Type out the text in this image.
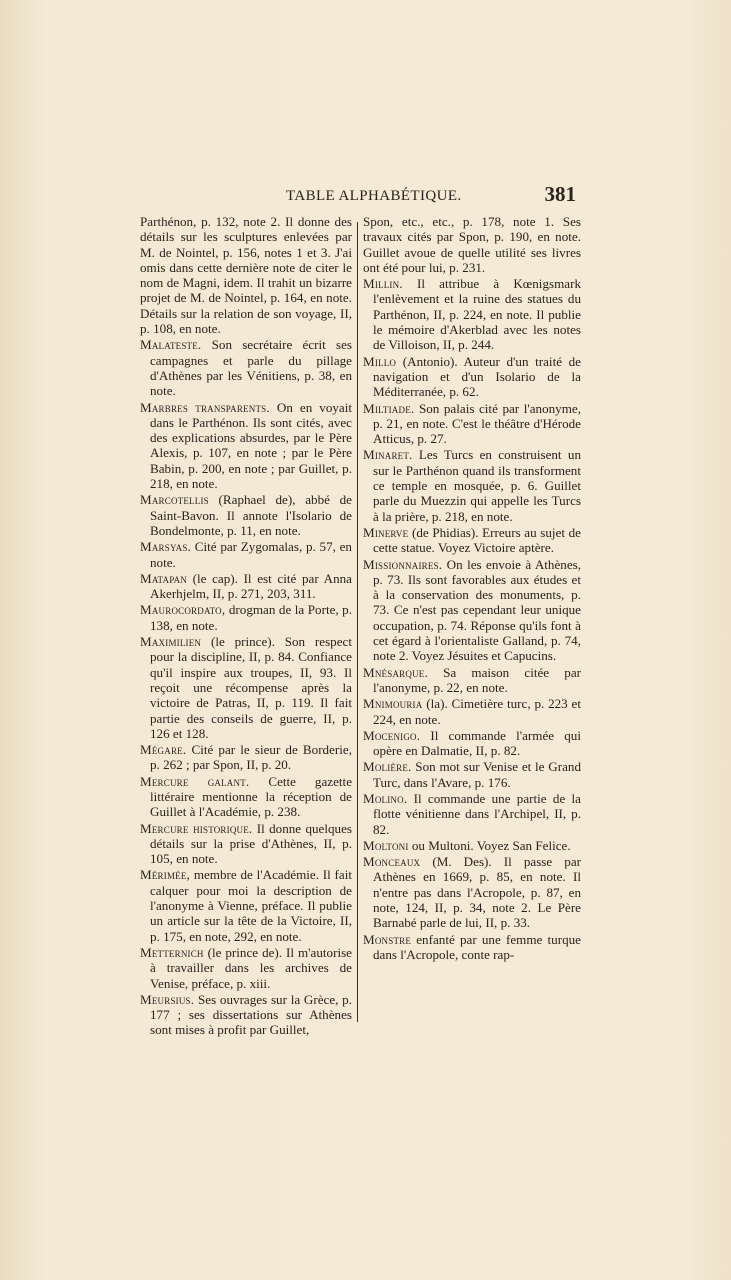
TABLE ALPHABÉTIQUE.	381

Parthénon, p. 132, note 2. Il donne des détails sur les sculptures enlevées par M. de Nointel, p. 156, notes 1 et 3. J'ai omis dans cette dernière note de citer le nom de Magni, idem. Il trahit un bizarre projet de M. de Nointel, p. 164, en note. Détails sur la relation de son voyage, II, p. 108, en note.

Malateste. Son secrétaire écrit ses campagnes et parle du pillage d'Athènes par les Vénitiens, p. 38, en note.

Marbres transparents. On en voyait dans le Parthénon. Ils sont cités, avec des explications absurdes, par le Père Alexis, p. 107, en note ; par le Père Babin, p. 200, en note ; par Guillet, p. 218, en note.

Marcotellis (Raphael de), abbé de Saint-Bavon. Il annote l'Isolario de Bondelmonte, p. 11, en note.

Marsyas. Cité par Zygomalas, p. 57, en note.

Matapan (le cap). Il est cité par Anna Akerhjelm, II, p. 271, 203, 311.

Maurocordato, drogman de la Porte, p. 138, en note.

Maximilien (le prince). Son respect pour la discipline, II, p. 84. Confiance qu'il inspire aux troupes, II, 93. Il reçoit une récompense après la victoire de Patras, II, p. 119. Il fait partie des conseils de guerre, II, p. 126 et 128.

Mégare. Cité par le sieur de Borderie, p. 262 ; par Spon, II, p. 20.

Mercure galant. Cette gazette littéraire mentionne la réception de Guillet à l'Académie, p. 238.

Mercure historique. Il donne quelques détails sur la prise d'Athènes, II, p. 105, en note.

Mérimée, membre de l'Académie. Il fait calquer pour moi la description de l'anonyme à Vienne, préface. Il publie un article sur la tête de la Victoire, II, p. 175, en note, 292, en note.

Metternich (le prince de). Il m'autorise à travailler dans les archives de Venise, préface, p. xiii.

Meursius. Ses ouvrages sur la Grèce, p. 177 ; ses dissertations sur Athènes sont mises à profit par Guillet,

Spon, etc., etc., p. 178, note 1. Ses travaux cités par Spon, p. 190, en note. Guillet avoue de quelle utilité ses livres ont été pour lui, p. 231.

Millin. Il attribue à Kœnigsmark l'enlèvement et la ruine des statues du Parthénon, II, p. 224, en note. Il publie le mémoire d'Akerblad avec les notes de Villoison, II, p. 244.

Millo (Antonio). Auteur d'un traité de navigation et d'un Isolario de la Méditerranée, p. 62.

Miltiade. Son palais cité par l'anonyme, p. 21, en note. C'est le théâtre d'Hérode Atticus, p. 27.

Minaret. Les Turcs en construisent un sur le Parthénon quand ils transforment ce temple en mosquée, p. 6. Guillet parle du Muezzin qui appelle les Turcs à la prière, p. 218, en note.

Minerve (de Phidias). Erreurs au sujet de cette statue. Voyez Victoire aptère.

Missionnaires. On les envoie à Athènes, p. 73. Ils sont favorables aux études et à la conservation des monuments, p. 73. Ce n'est pas cependant leur unique occupation, p. 74. Réponse qu'ils font à cet égard à l'orientaliste Galland, p. 74, note 2. Voyez Jésuites et Capucins.

Mnésarque. Sa maison citée par l'anonyme, p. 22, en note.

Mnimouria (la). Cimetière turc, p. 223 et 224, en note.

Mocenigo. Il commande l'armée qui opère en Dalmatie, II, p. 82.

Molière. Son mot sur Venise et le Grand Turc, dans l'Avare, p. 176.

Molino. Il commande une partie de la flotte vénitienne dans l'Archipel, II, p. 82.

Moltoni ou Multoni. Voyez San Felice.

Monceaux (M. Des). Il passe par Athènes en 1669, p. 85, en note. Il n'entre pas dans l'Acropole, p. 87, en note, 124, II, p. 34, note 2. Le Père Barnabé parle de lui, II, p. 33.

Monstre enfanté par une femme turque dans l'Acropole, conte rap-
